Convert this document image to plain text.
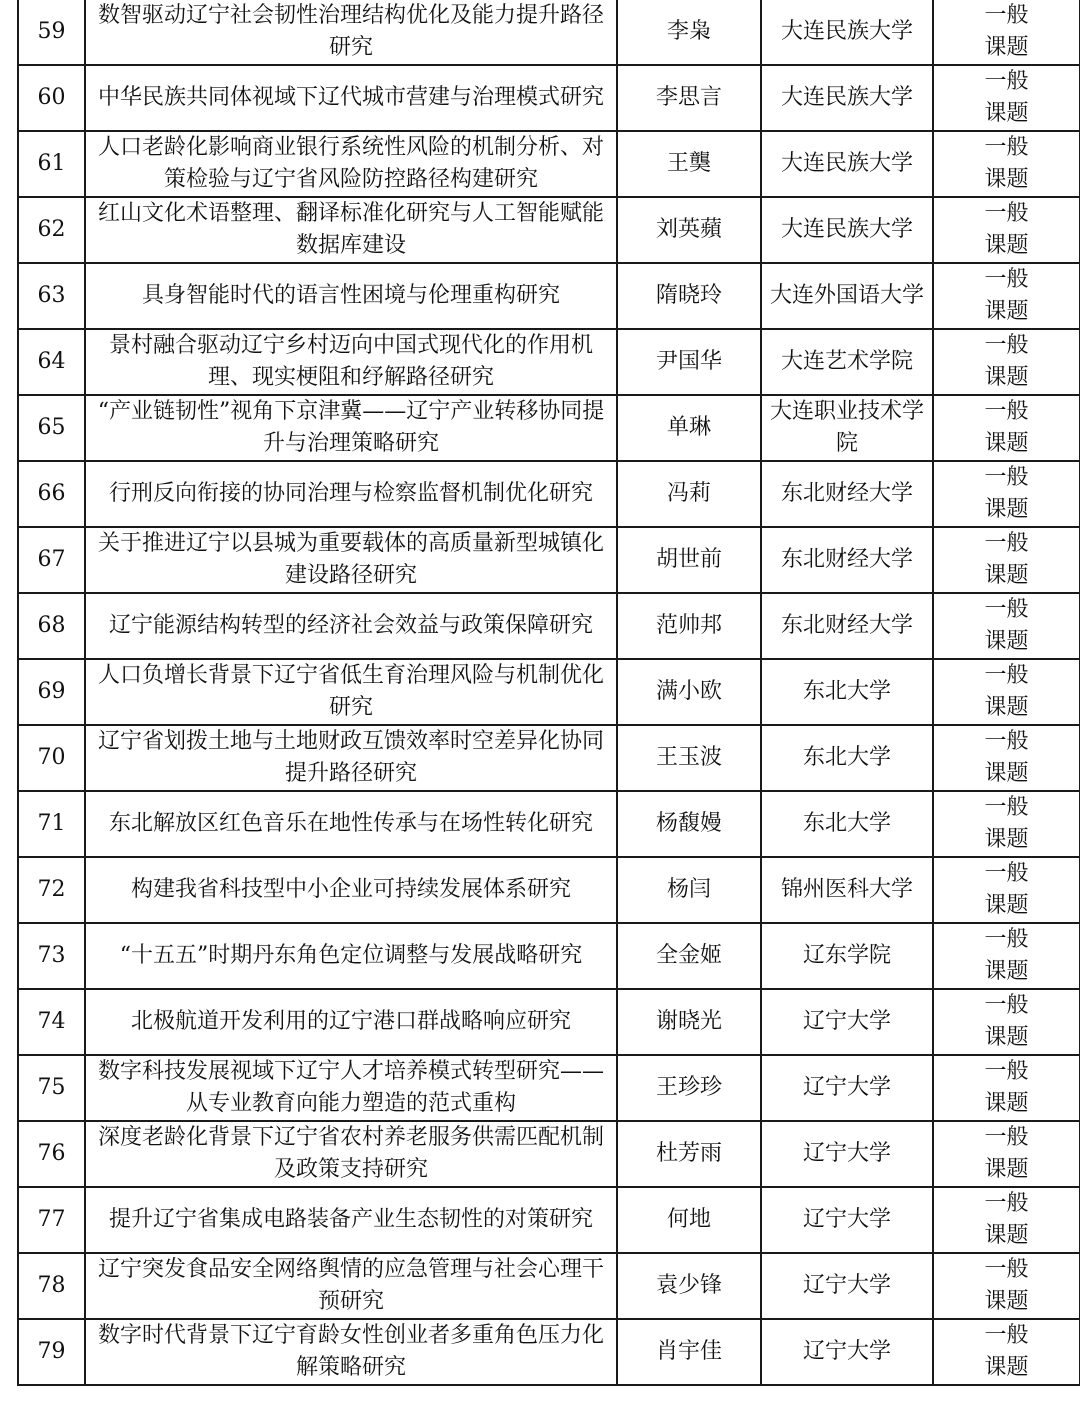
59	数智驱动辽宁社会韧性治理结构优化及能力提升路径研究	李枭	大连民族大学	一般
课题

60	中华民族共同体视域下辽代城市营建与治理模式研究	李思言	大连民族大学	一般
课题

61	人口老龄化影响商业银行系统性风险的机制分析、对策检验与辽宁省风险防控路径构建研究	王龑	大连民族大学	一般
课题

62	红山文化术语整理、翻译标准化研究与人工智能赋能数据库建设	刘英蘋	大连民族大学	一般
课题

63	具身智能时代的语言性困境与伦理重构研究	隋晓玲	大连外国语大学	一般
课题

64	景村融合驱动辽宁乡村迈向中国式现代化的作用机理、现实梗阻和纾解路径研究	尹国华	大连艺术学院	一般
课题

65	“产业链韧性”视角下京津冀——辽宁产业转移协同提升与治理策略研究	单琳	大连职业技术学院	一般
课题

66	行刑反向衔接的协同治理与检察监督机制优化研究	冯莉	东北财经大学	一般
课题

67	关于推进辽宁以县城为重要载体的高质量新型城镇化建设路径研究	胡世前	东北财经大学	一般
课题

68	辽宁能源结构转型的经济社会效益与政策保障研究	范帅邦	东北财经大学	一般
课题

69	人口负增长背景下辽宁省低生育治理风险与机制优化研究	满小欧	东北大学	一般
课题

70	辽宁省划拨土地与土地财政互馈效率时空差异化协同提升路径研究	王玉波	东北大学	一般
课题

71	东北解放区红色音乐在地性传承与在场性转化研究	杨馥嫚	东北大学	一般
课题

72	构建我省科技型中小企业可持续发展体系研究	杨闫	锦州医科大学	一般
课题

73	“十五五”时期丹东角色定位调整与发展战略研究	全金姬	辽东学院	一般
课题

74	北极航道开发利用的辽宁港口群战略响应研究	谢晓光	辽宁大学	一般
课题

75	数字科技发展视域下辽宁人才培养模式转型研究——从专业教育向能力塑造的范式重构	王珍珍	辽宁大学	一般
课题

76	深度老龄化背景下辽宁省农村养老服务供需匹配机制及政策支持研究	杜芳雨	辽宁大学	一般
课题

77	提升辽宁省集成电路装备产业生态韧性的对策研究	何地	辽宁大学	一般
课题

78	辽宁突发食品安全网络舆情的应急管理与社会心理干预研究	袁少锋	辽宁大学	一般
课题

79	数字时代背景下辽宁育龄女性创业者多重角色压力化解策略研究	肖宇佳	辽宁大学	一般
课题
